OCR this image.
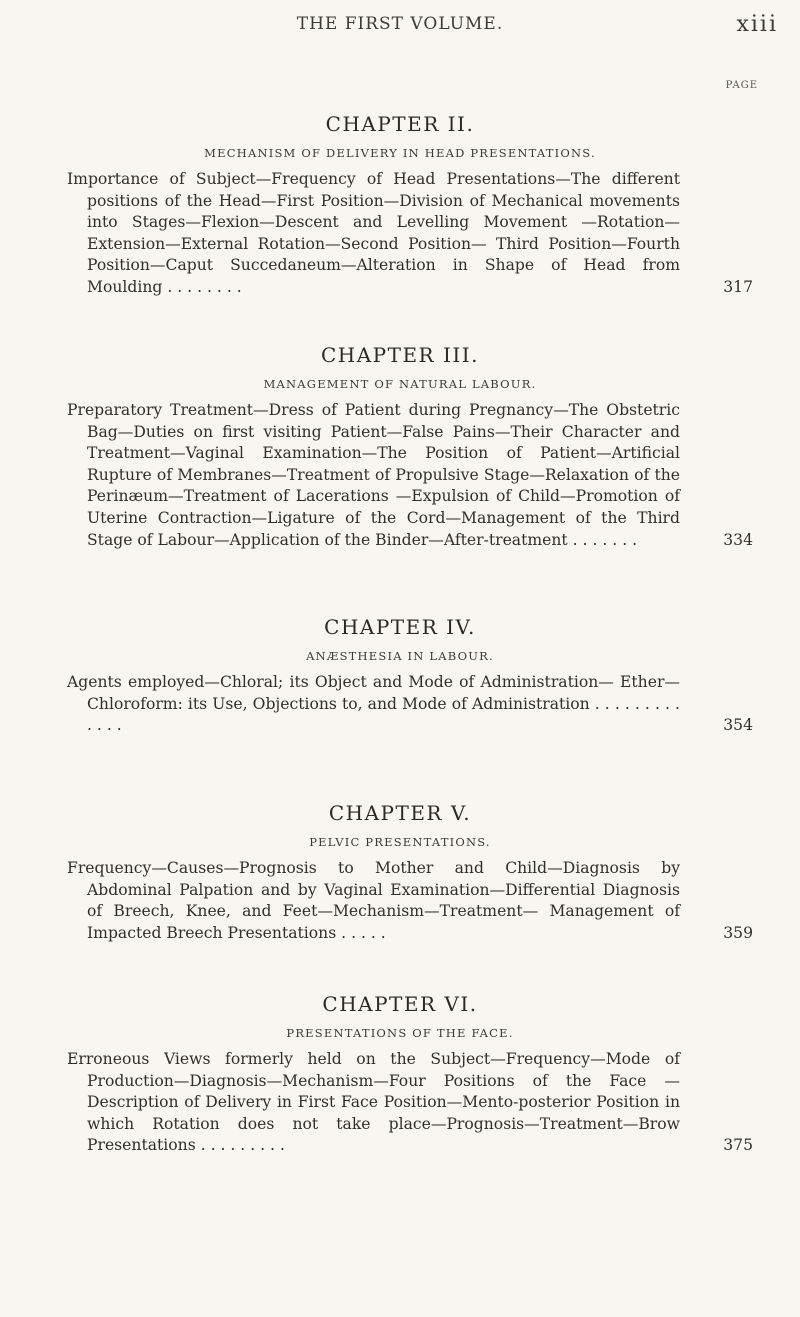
THE FIRST VOLUME.	xiii
PAGE
CHAPTER II.
MECHANISM OF DELIVERY IN HEAD PRESENTATIONS.
Importance of Subject—Frequency of Head Presentations—The different positions of the Head—First Position—Division of Mechanical movements into Stages—Flexion—Descent and Levelling Movement —Rotation—Extension—External Rotation—Second Position— Third Position—Fourth Position—Caput Succedaneum—Alteration in Shape of Head from Moulding . . . . . . . .	317
CHAPTER III.
MANAGEMENT OF NATURAL LABOUR.
Preparatory Treatment—Dress of Patient during Pregnancy—The Obstetric Bag—Duties on first visiting Patient—False Pains—Their Character and Treatment—Vaginal Examination—The Position of Patient—Artificial Rupture of Membranes—Treatment of Propulsive Stage—Relaxation of the Perinæum—Treatment of Lacerations —Expulsion of Child—Promotion of Uterine Contraction—Ligature of the Cord—Management of the Third Stage of Labour—Application of the Binder—After-treatment . . . . . . .	334
CHAPTER IV.
ANÆSTHESIA IN LABOUR.
Agents employed—Chloral; its Object and Mode of Administration— Ether—Chloroform: its Use, Objections to, and Mode of Administration . . . . . . . . . . . . .	354
CHAPTER V.
PELVIC PRESENTATIONS.
Frequency—Causes—Prognosis to Mother and Child—Diagnosis by Abdominal Palpation and by Vaginal Examination—Differential Diagnosis of Breech, Knee, and Feet—Mechanism—Treatment— Management of Impacted Breech Presentations . . . . .	359
CHAPTER VI.
PRESENTATIONS OF THE FACE.
Erroneous Views formerly held on the Subject—Frequency—Mode of Production—Diagnosis—Mechanism—Four Positions of the Face —Description of Delivery in First Face Position—Mento-posterior Position in which Rotation does not take place—Prognosis—Treatment—Brow Presentations . . . . . . . . .	375
